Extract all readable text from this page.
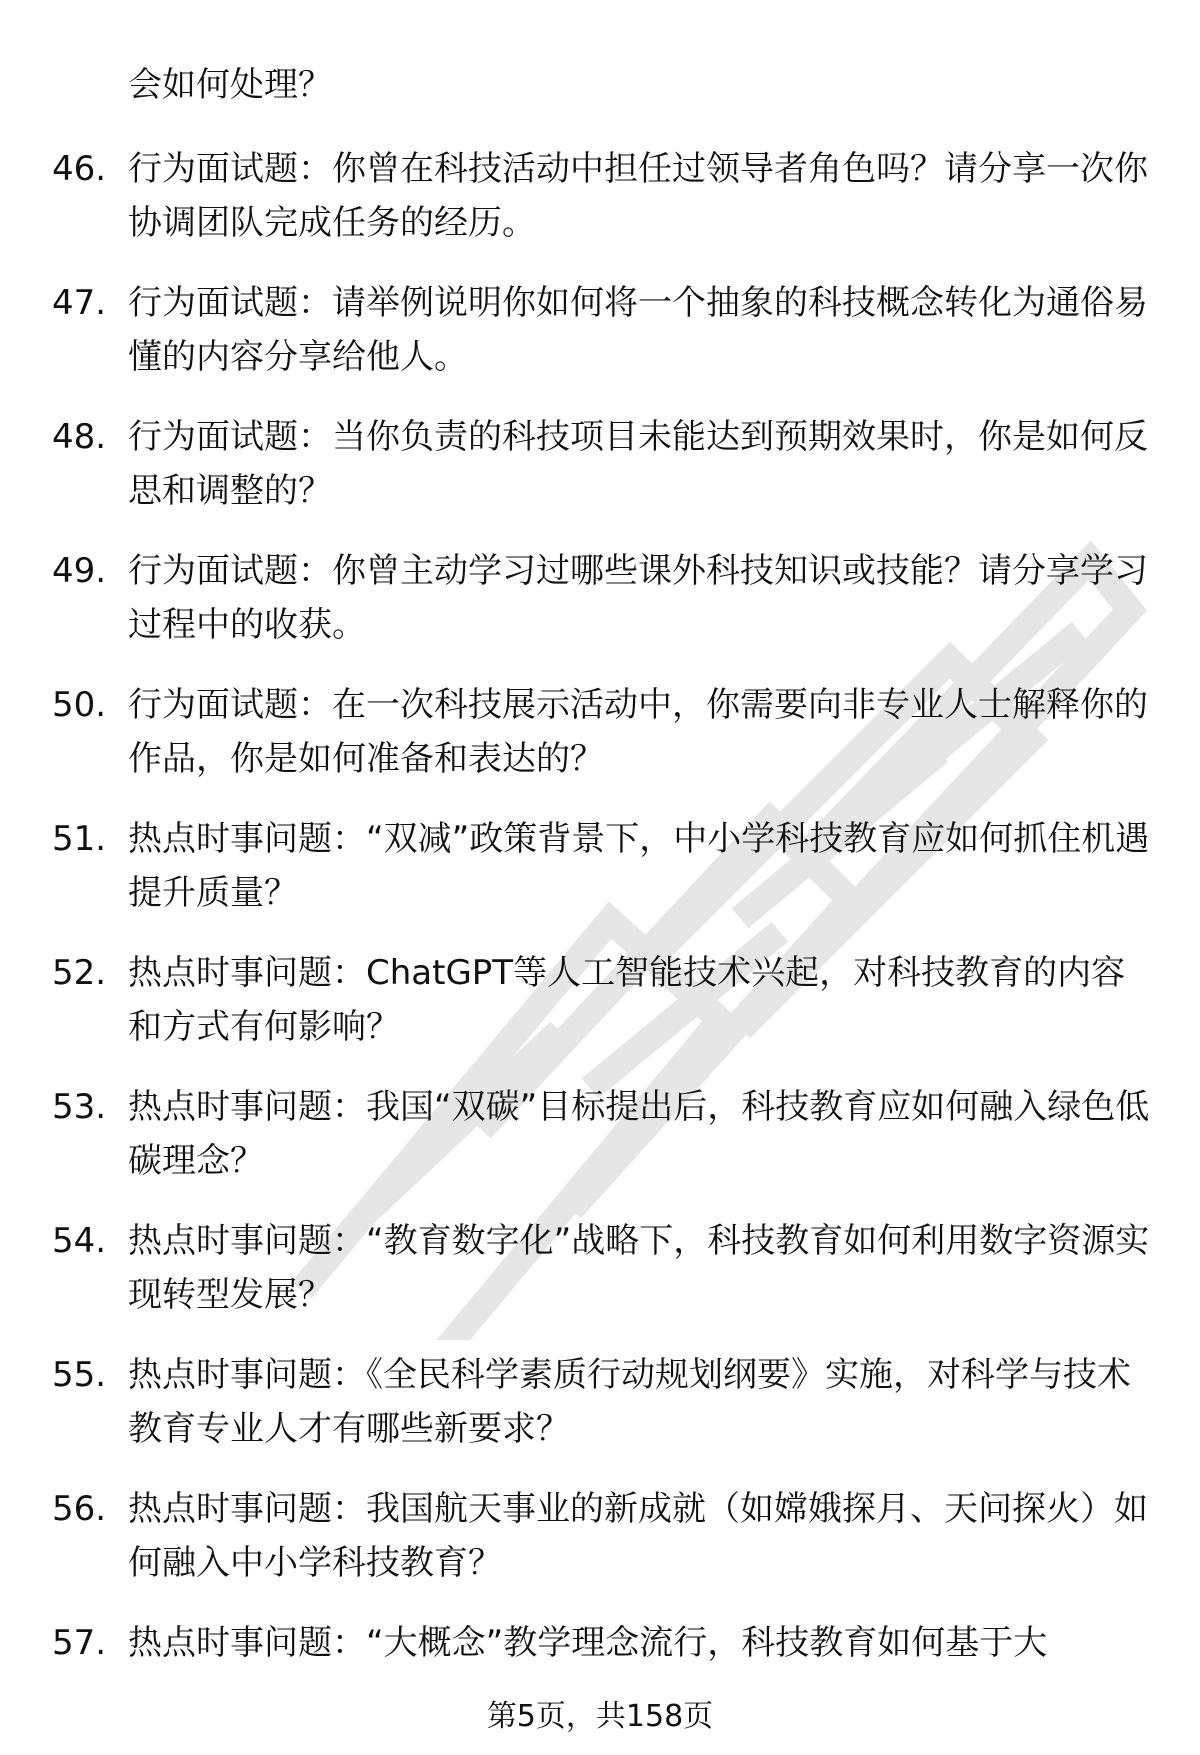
会如何处理？
46. 行为面试题：你曾在科技活动中担任过领导者角色吗？请分享一次你协调团队完成任务的经历。
47. 行为面试题：请举例说明你如何将一个抽象的科技概念转化为通俗易懂的内容分享给他人。
48. 行为面试题：当你负责的科技项目未能达到预期效果时，你是如何反思和调整的？
49. 行为面试题：你曾主动学习过哪些课外科技知识或技能？请分享学习过程中的收获。
50. 行为面试题：在一次科技展示活动中，你需要向非专业人士解释你的作品，你是如何准备和表达的？
51. 热点时事问题：“双减”政策背景下，中小学科技教育应如何抓住机遇提升质量？
52. 热点时事问题：ChatGPT等人工智能技术兴起，对科技教育的内容和方式有何影响？
53. 热点时事问题：我国“双碳”目标提出后，科技教育应如何融入绿色低碳理念？
54. 热点时事问题：“教育数字化”战略下，科技教育如何利用数字资源实现转型发展？
55. 热点时事问题：《全民科学素质行动规划纲要》实施，对科学与技术教育专业人才有哪些新要求？
56. 热点时事问题：我国航天事业的新成就（如嫦娥探月、天问探火）如何融入中小学科技教育？
57. 热点时事问题：“大概念”教学理念流行，科技教育如何基于大
第5页，共158页
